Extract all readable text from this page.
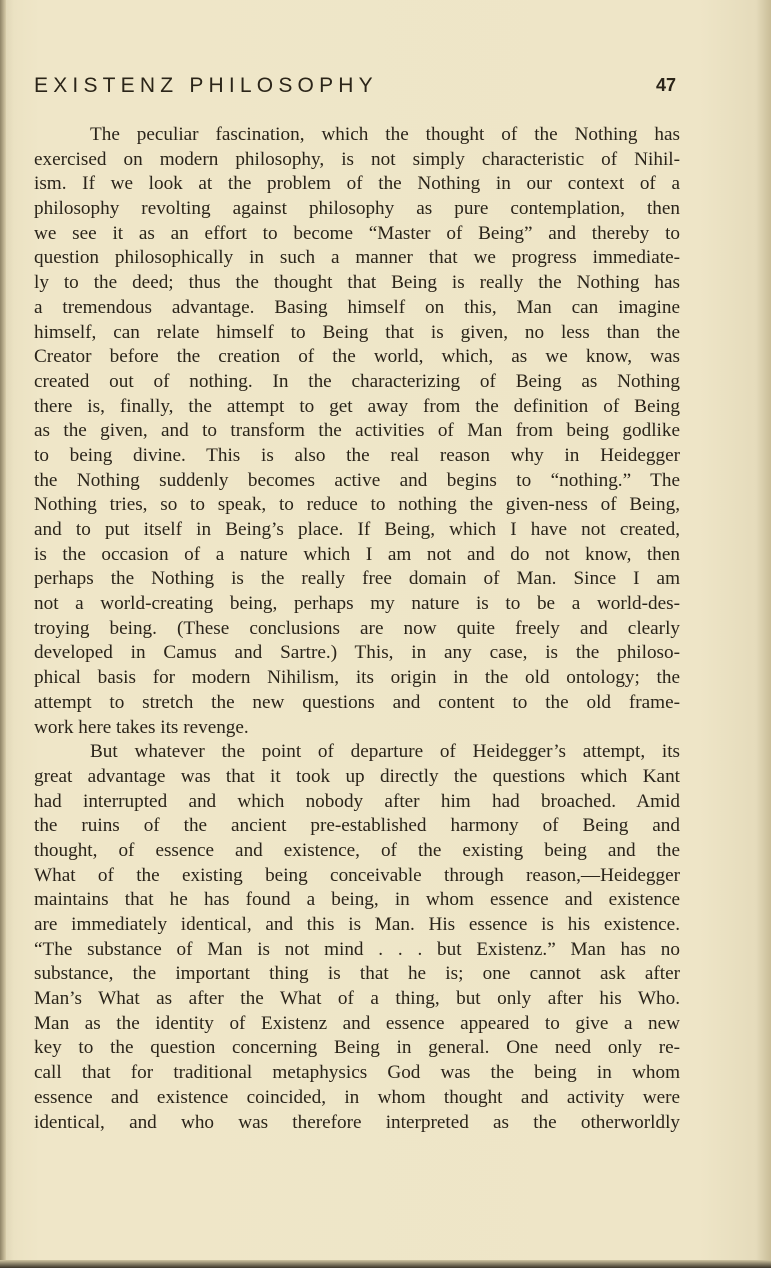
EXISTENZ PHILOSOPHY	47
The peculiar fascination, which the thought of the Nothing has
exercised on modern philosophy, is not simply characteristic of Nihil-
ism. If we look at the problem of the Nothing in our context of a
philosophy revolting against philosophy as pure contemplation, then
we see it as an effort to become “Master of Being” and thereby to
question philosophically in such a manner that we progress immediate-
ly to the deed; thus the thought that Being is really the Nothing has
a tremendous advantage. Basing himself on this, Man can imagine
himself, can relate himself to Being that is given, no less than the
Creator before the creation of the world, which, as we know, was
created out of nothing. In the characterizing of Being as Nothing
there is, finally, the attempt to get away from the definition of Being
as the given, and to transform the activities of Man from being godlike
to being divine. This is also the real reason why in Heidegger
the Nothing suddenly becomes active and begins to “nothing.” The
Nothing tries, so to speak, to reduce to nothing the given-ness of Being,
and to put itself in Being’s place. If Being, which I have not created,
is the occasion of a nature which I am not and do not know, then
perhaps the Nothing is the really free domain of Man. Since I am
not a world-creating being, perhaps my nature is to be a world-des-
troying being. (These conclusions are now quite freely and clearly
developed in Camus and Sartre.) This, in any case, is the philoso-
phical basis for modern Nihilism, its origin in the old ontology; the
attempt to stretch the new questions and content to the old frame-
work here takes its revenge.
But whatever the point of departure of Heidegger’s attempt, its
great advantage was that it took up directly the questions which Kant
had interrupted and which nobody after him had broached. Amid
the ruins of the ancient pre-established harmony of Being and
thought, of essence and existence, of the existing being and the
What of the existing being conceivable through reason,—Heidegger
maintains that he has found a being, in whom essence and existence
are immediately identical, and this is Man. His essence is his existence.
“The substance of Man is not mind . . . but Existenz.” Man has no
substance, the important thing is that he is; one cannot ask after
Man’s What as after the What of a thing, but only after his Who.
Man as the identity of Existenz and essence appeared to give a new
key to the question concerning Being in general. One need only re-
call that for traditional metaphysics God was the being in whom
essence and existence coincided, in whom thought and activity were
identical, and who was therefore interpreted as the otherworldly
